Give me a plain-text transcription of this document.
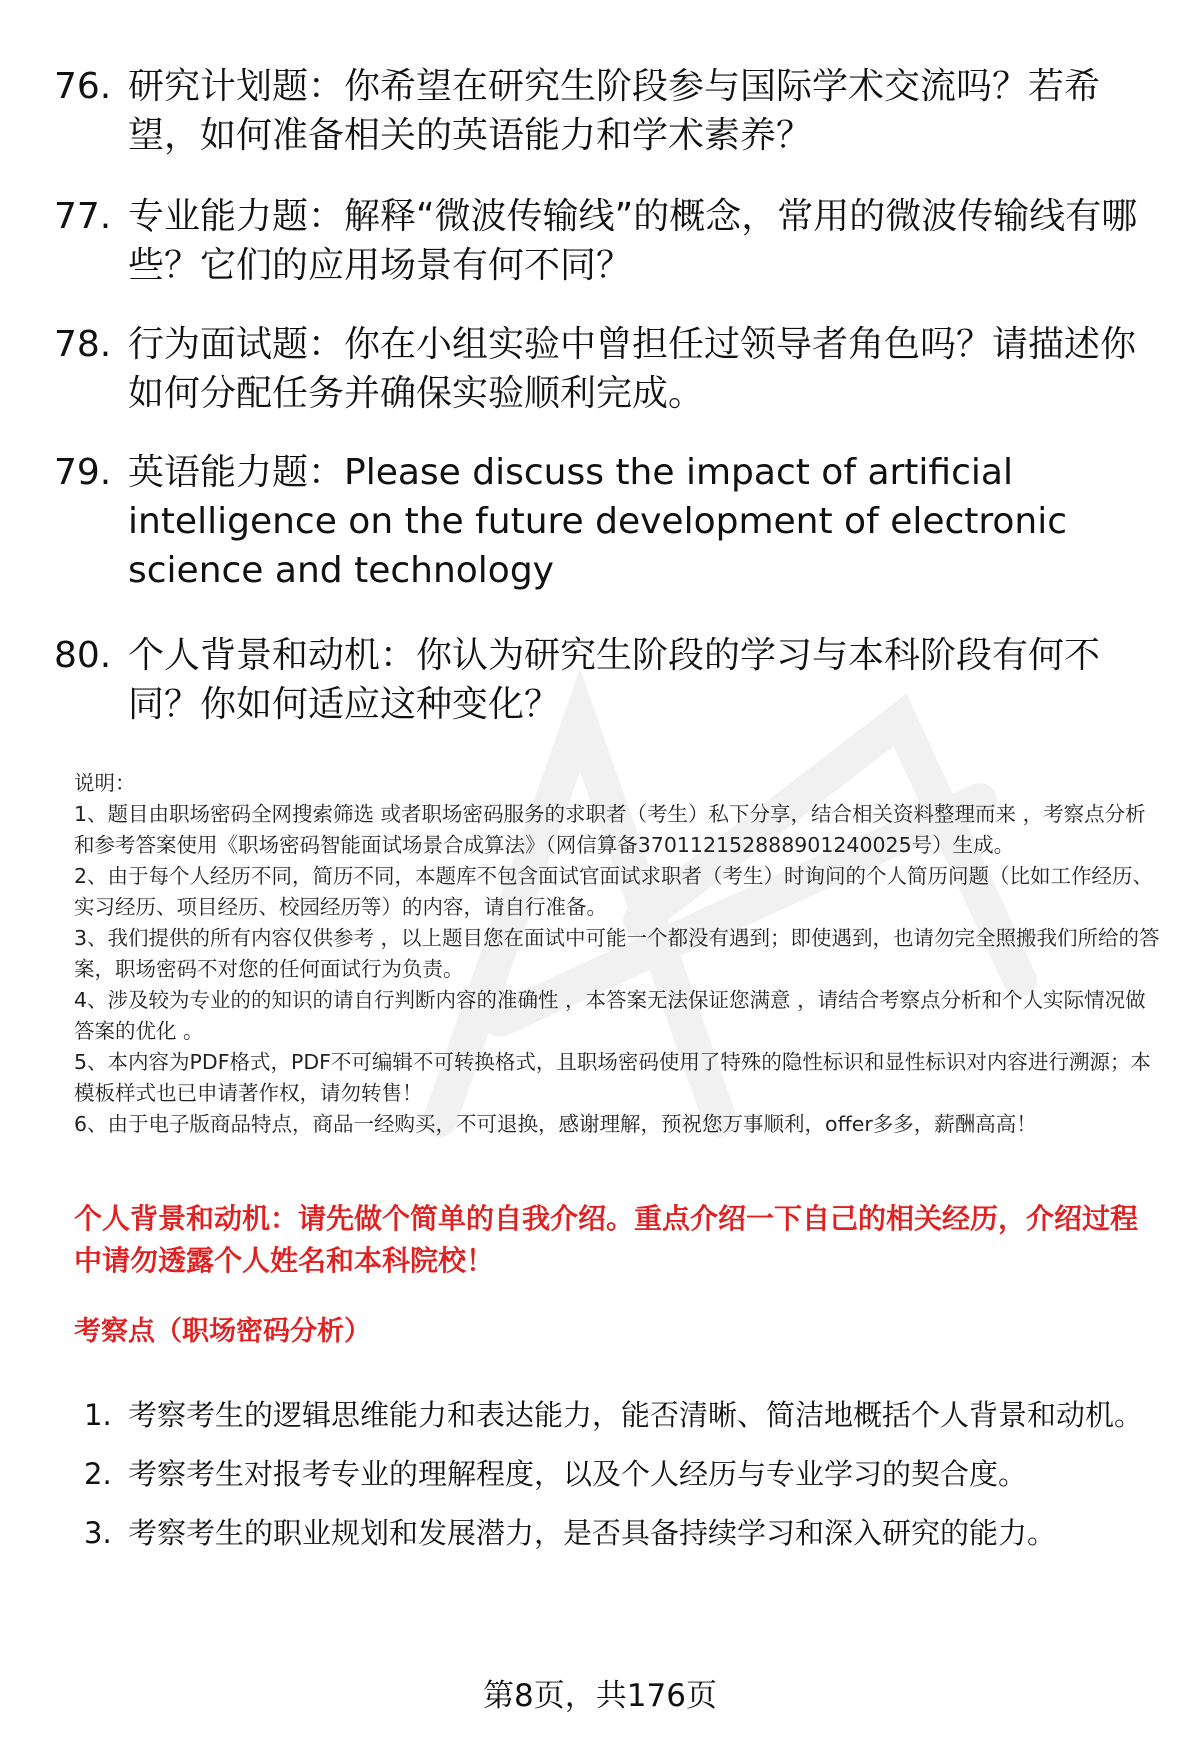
76. 研究计划题：你希望在研究生阶段参与国际学术交流吗？若希望，如何准备相关的英语能力和学术素养？
77. 专业能力题：解释“微波传输线”的概念，常用的微波传输线有哪些？它们的应用场景有何不同？
78. 行为面试题：你在小组实验中曾担任过领导者角色吗？请描述你如何分配任务并确保实验顺利完成。
79. 英语能力题：Please discuss the impact of artificial intelligence on the future development of electronic science and technology
80. 个人背景和动机：你认为研究生阶段的学习与本科阶段有何不同？你如何适应这种变化？

说明：

1、题目由职场密码全网搜索筛选 或者职场密码服务的求职者（考生）私下分享，结合相关资料整理而来 ，考察点分析和参考答案使用《职场密码智能面试场景合成算法》（网信算备370112152888901240025号）生成。

2、由于每个人经历不同，简历不同，本题库不包含面试官面试求职者（考生）时询问的个人简历问题（比如工作经历、实习经历、项目经历、校园经历等）的内容，请自行准备。

3、我们提供的所有内容仅供参考 ，以上题目您在面试中可能一个都没有遇到；即使遇到，也请勿完全照搬我们所给的答案，职场密码不对您的任何面试行为负责。

4、涉及较为专业的的知识的请自行判断内容的准确性 ，本答案无法保证您满意 ，请结合考察点分析和个人实际情况做答案的优化 。

5、本内容为PDF格式，PDF不可编辑不可转换格式，且职场密码使用了特殊的隐性标识和显性标识对内容进行溯源；本模板样式也已申请著作权，请勿转售！

6、由于电子版商品特点，商品一经购买，不可退换，感谢理解，预祝您万事顺利，offer多多，薪酬高高！

个人背景和动机：请先做个简单的自我介绍。重点介绍一下自己的相关经历，介绍过程中请勿透露个人姓名和本科院校！
考察点（职场密码分析）
1. 考察考生的逻辑思维能力和表达能力，能否清晰、简洁地概括个人背景和动机。
2. 考察考生对报考专业的理解程度，以及个人经历与专业学习的契合度。
3. 考察考生的职业规划和发展潜力，是否具备持续学习和深入研究的能力。
第8页，共176页
